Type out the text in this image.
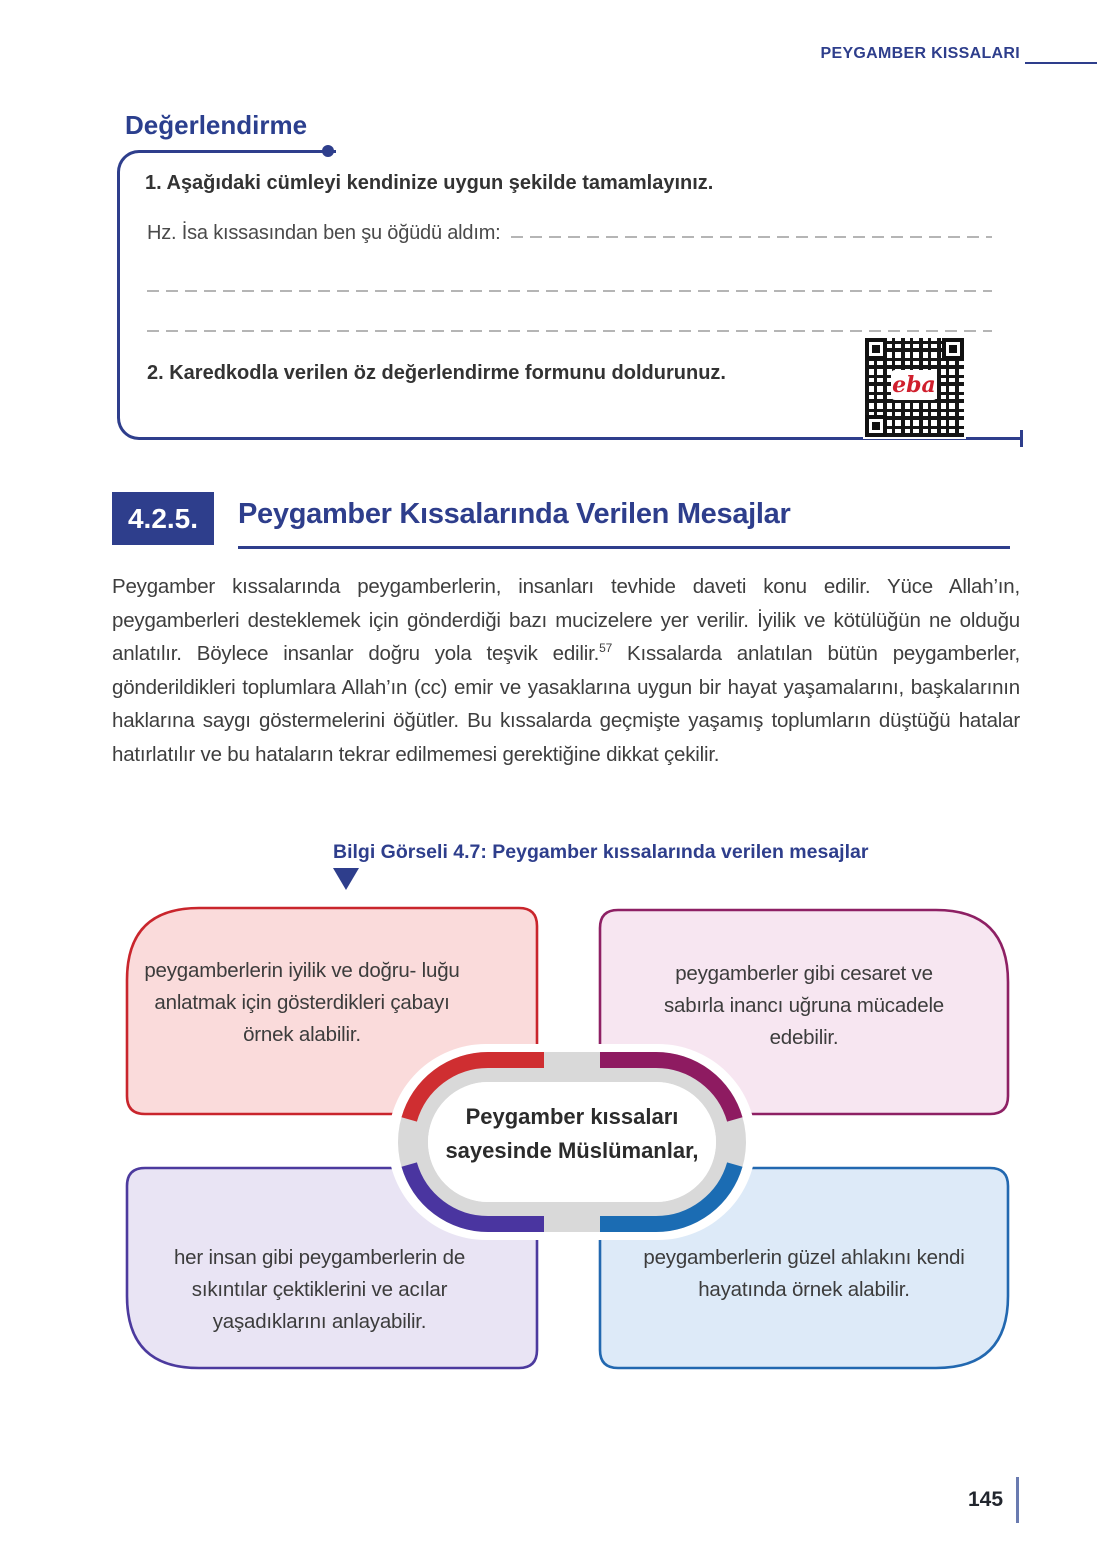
PEYGAMBER KISSALARI
Değerlendirme
1. Aşağıdaki cümleyi kendinize uygun şekilde tamamlayınız.
Hz. İsa kıssasından ben şu öğüdü aldım:
2. Karedkodla verilen öz değerlendirme formunu doldurunuz.	eba
4.2.5.	Peygamber Kıssalarında Verilen Mesajlar
Peygamber kıssalarında peygamberlerin, insanları tevhide daveti konu edilir. Yüce Allah’ın, peygamberleri desteklemek için gönderdiği bazı mucizelere yer verilir. İyilik ve kötülüğün ne olduğu anlatılır. Böylece insanlar doğru yola teşvik edilir.$^{57}$ Kıssalarda anlatılan bütün peygamberler, gönderildikleri toplumlara Allah’ın (cc) emir ve yasaklarına uygun bir hayat yaşamalarını, başkalarının haklarına saygı göstermelerini öğütler. Bu kıssalarda geçmişte yaşamış toplumların düştüğü hatalar hatırlatılır ve bu hataların tekrar edilmemesi gerektiğine dikkat çekilir.
Bilgi Görseli 4.7: Peygamber kıssalarında verilen mesajlar
peygamberlerin iyilik ve doğru- luğu anlatmak için gösterdikleri çabayı örnek alabilir.
peygamberler gibi cesaret ve sabırla inancı uğruna mücadele edebilir.
her insan gibi peygamberlerin de sıkıntılar çektiklerini ve acılar yaşadıklarını anlayabilir.
peygamberlerin güzel ahlakını kendi hayatında örnek alabilir.
Peygamber kıssaları sayesinde Müslümanlar,
145
